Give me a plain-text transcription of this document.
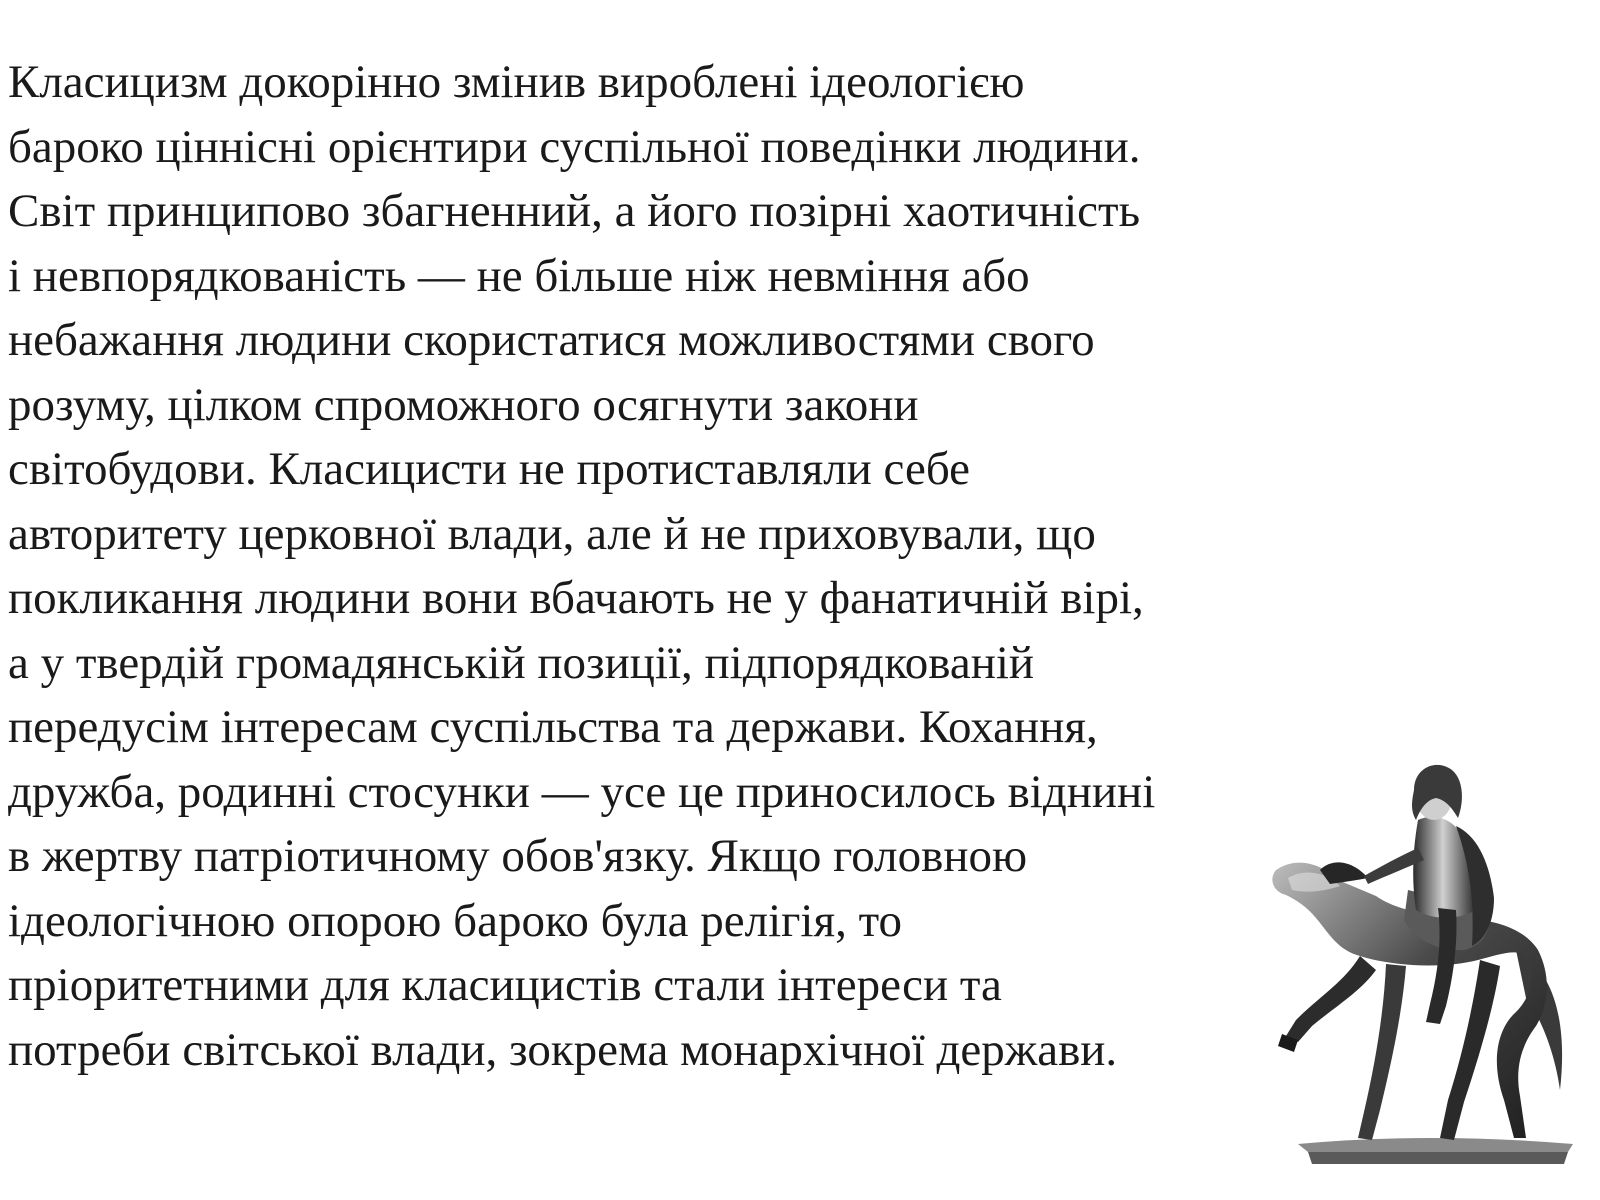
Класицизм докорінно змінив вироблені ідеологією
бароко ціннісні орієнтири суспільної поведінки людини.
Світ принципово збагненний, а його позірні хаотичність
і невпорядкованість — не більше ніж невміння або
небажання людини скористатися можливостями свого
розуму, цілком спроможного осягнути закони
світобудови. Класицисти не протиставляли себе
авторитету церковної влади, але й не приховували, що
покликання людини вони вбачають не у фанатичній вірі,
а у твердій громадянській позиції, підпорядкованій
передусім інтересам суспільства та держави. Кохання,
дружба, родинні стосунки — усе це приносилось віднині
в жертву патріотичному обов'язку. Якщо головною
ідеологічною опорою бароко була релігія, то
пріоритетними для класицистів стали інтереси та
потреби світської влади, зокрема монархічної держави.
